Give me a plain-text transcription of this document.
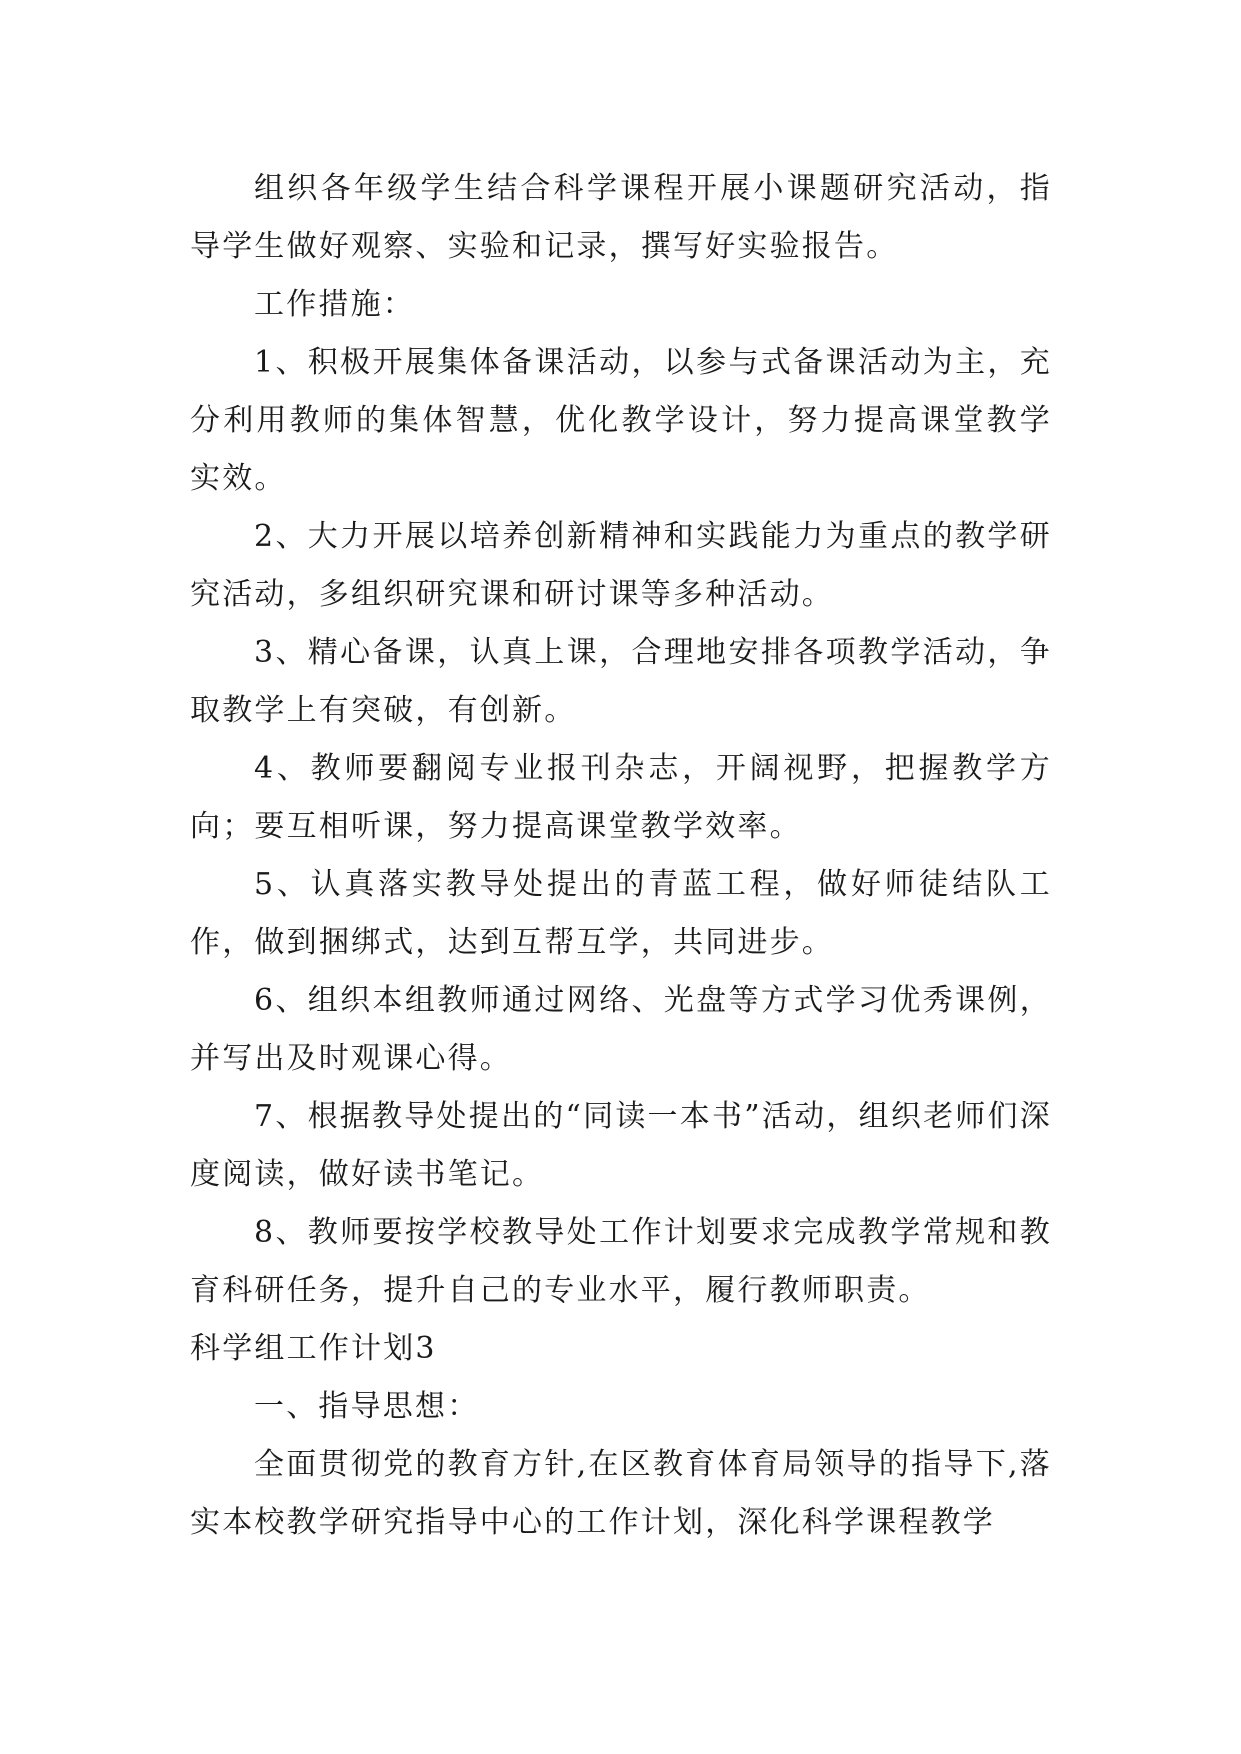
组织各年级学生结合科学课程开展小课题研究活动，指导学生做好观察、实验和记录，撰写好实验报告。

工作措施：

1、积极开展集体备课活动，以参与式备课活动为主，充分利用教师的集体智慧，优化教学设计，努力提高课堂教学实效。

2、大力开展以培养创新精神和实践能力为重点的教学研究活动，多组织研究课和研讨课等多种活动。

3、精心备课，认真上课，合理地安排各项教学活动，争取教学上有突破，有创新。

4、教师要翻阅专业报刊杂志，开阔视野，把握教学方向；要互相听课，努力提高课堂教学效率。

5、认真落实教导处提出的青蓝工程，做好师徒结队工作，做到捆绑式，达到互帮互学，共同进步。

6、组织本组教师通过网络、光盘等方式学习优秀课例，并写出及时观课心得。

7、根据教导处提出的“同读一本书”活动，组织老师们深度阅读，做好读书笔记。

8、教师要按学校教导处工作计划要求完成教学常规和教育科研任务，提升自己的专业水平，履行教师职责。

科学组工作计划3

一、指导思想：

全面贯彻党的教育方针,在区教育体育局领导的指导下,落实本校教学研究指导中心的工作计划，深化科学课程教学
